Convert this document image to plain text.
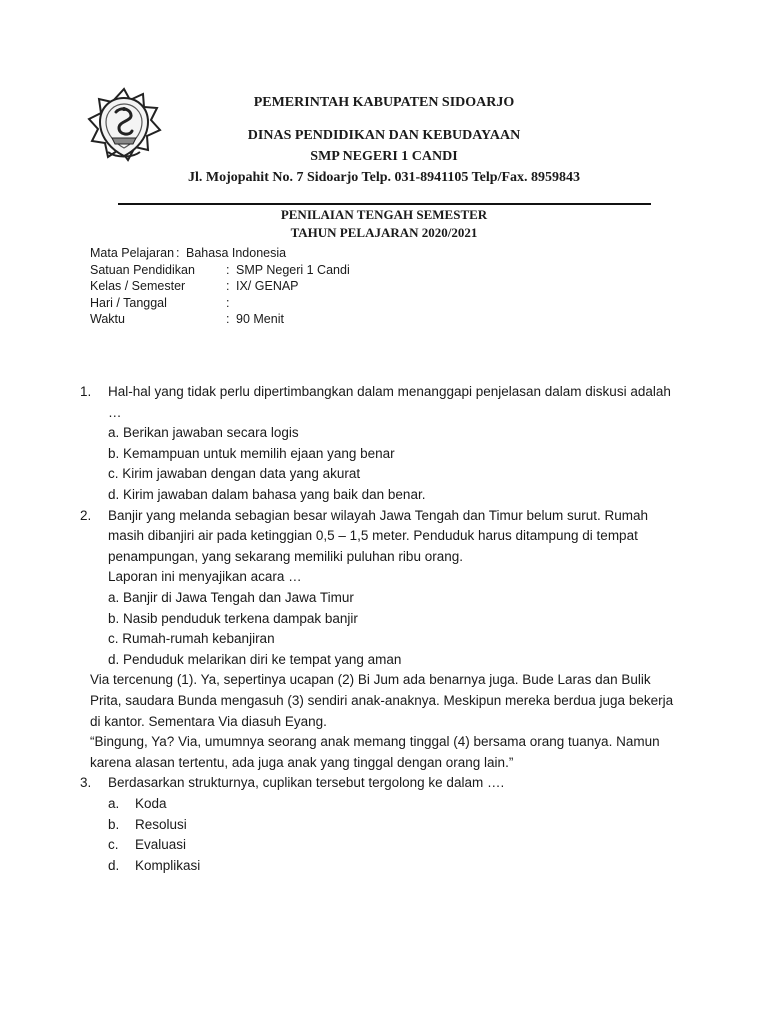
PEMERINTAH KABUPATEN SIDOARJO
DINAS PENDIDIKAN DAN KEBUDAYAAN
SMP NEGERI 1 CANDI
Jl. Mojopahit No. 7 Sidoarjo Telp. 031-8941105 Telp/Fax. 8959843
PENILAIAN TENGAH SEMESTER
TAHUN PELAJARAN 2020/2021
Mata Pelajaran : Bahasa Indonesia
Satuan Pendidikan : SMP Negeri 1 Candi
Kelas / Semester	: IX/ GENAP
Hari / Tanggal	:
Waktu	: 90 Menit
1. Hal-hal yang tidak perlu dipertimbangkan dalam menanggapi penjelasan dalam diskusi adalah
…
a. Berikan jawaban secara logis
b. Kemampuan untuk memilih ejaan yang benar
c. Kirim jawaban dengan data yang akurat
d. Kirim jawaban dalam bahasa yang baik dan benar.
2. Banjir yang melanda sebagian besar wilayah Jawa Tengah dan Timur belum surut. Rumah
masih dibanjiri air pada ketinggian 0,5 – 1,5 meter. Penduduk harus ditampung di tempat
penampungan, yang sekarang memiliki puluhan ribu orang.
Laporan ini menyajikan acara …
a. Banjir di Jawa Tengah dan Jawa Timur
b. Nasib penduduk terkena dampak banjir
c. Rumah-rumah kebanjiran
d. Penduduk melarikan diri ke tempat yang aman
Via tercenung (1). Ya, sepertinya ucapan (2) Bi Jum ada benarnya juga. Bude Laras dan Bulik
Prita, saudara Bunda mengasuh (3) sendiri anak-anaknya. Meskipun mereka berdua juga bekerja
di kantor. Sementara Via diasuh Eyang.
“Bingung, Ya? Via, umumnya seorang anak memang tinggal (4) bersama orang tuanya. Namun
karena alasan tertentu, ada juga anak yang tinggal dengan orang lain.”
3. Berdasarkan strukturnya, cuplikan tersebut tergolong ke dalam ….
a. Koda
b. Resolusi
c. Evaluasi
d. Komplikasi
